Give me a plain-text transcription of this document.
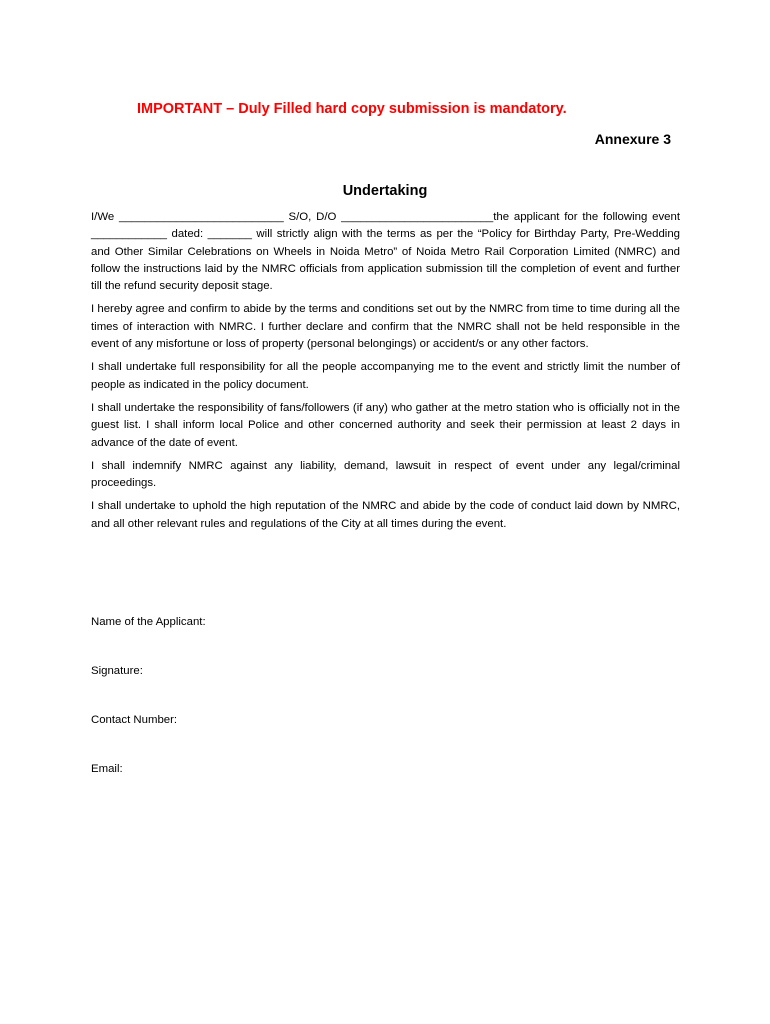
IMPORTANT – Duly Filled hard copy submission is mandatory.
Annexure 3
Undertaking

I/We __________________________ S/O, D/O ________________________the applicant for the following event ____________ dated: _______ will strictly align with the terms as per the “Policy for Birthday Party, Pre-Wedding and Other Similar Celebrations on Wheels in Noida Metro” of Noida Metro Rail Corporation Limited (NMRC) and follow the instructions laid by the NMRC officials from application submission till the completion of event and further till the refund security deposit stage.

I hereby agree and confirm to abide by the terms and conditions set out by the NMRC from time to time during all the times of interaction with NMRC. I further declare and confirm that the NMRC shall not be held responsible in the event of any misfortune or loss of property (personal belongings) or accident/s or any other factors.

I shall undertake full responsibility for all the people accompanying me to the event and strictly limit the number of people as indicated in the policy document.

I shall undertake the responsibility of fans/followers (if any) who gather at the metro station who is officially not in the guest list. I shall inform local Police and other concerned authority and seek their permission at least 2 days in advance of the date of event.

I shall indemnify NMRC against any liability, demand, lawsuit in respect of event under any legal/criminal proceedings.

I shall undertake to uphold the high reputation of the NMRC and abide by the code of conduct laid down by NMRC, and all other relevant rules and regulations of the City at all times during the event.

Name of the Applicant:
Signature:
Contact Number:
Email:
